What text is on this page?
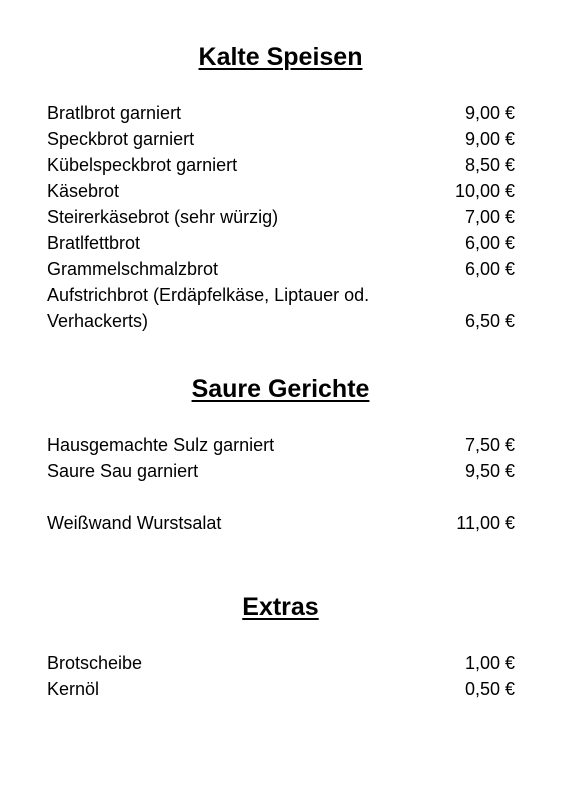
Kalte Speisen
Bratlbrot garniert	9,00 €
Speckbrot garniert	9,00 €
Kübelspeckbrot garniert	8,50 €
Käsebrot	10,00 €
Steirerkäsebrot (sehr würzig)	7,00 €
Bratlfettbrot	6,00 €
Grammelschmalzbrot	6,00 €
Aufstrichbrot (Erdäpfelkäse, Liptauer od.
Verhackerts)	6,50 €
Saure Gerichte
Hausgemachte Sulz garniert	7,50 €
Saure Sau garniert	9,50 €
Weißwand Wurstsalat	11,00 €
Extras
Brotscheibe	1,00 €
Kernöl	0,50 €
